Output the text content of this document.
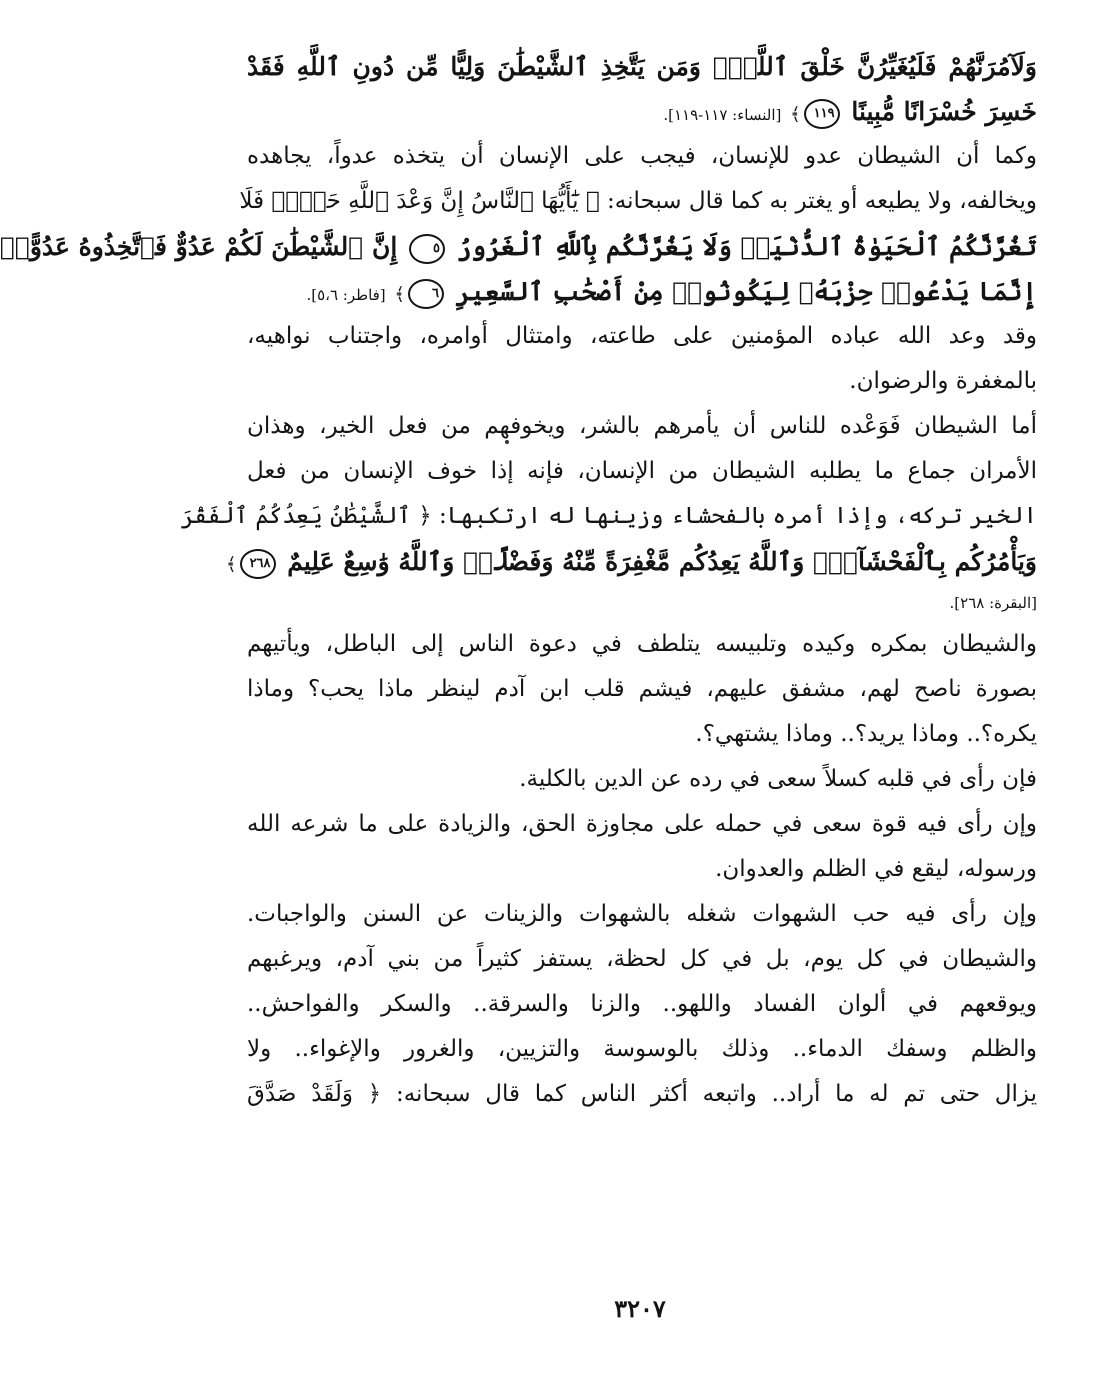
وَلَآمُرَنَّهُمْ فَلَيُغَيِّرُنَّ خَلْقَ ٱللَّهِۚ وَمَن يَتَّخِذِ ٱلشَّيْطَٰنَ وَلِيًّا مِّن دُونِ ٱللَّهِ فَقَدْ
خَسِرَ خُسْرَانًا مُّبِينًا ١١٩﴾ [النساء: ١١٧-١١٩].
وكما أن الشيطان عدو للإنسان، فيجب على الإنسان أن يتخذه عدواً، يجاهده
ويخالفه، ولا يطيعه أو يغتر به كما قال سبحانه: ﴿ يَٰٓأَيُّهَا ٱلنَّاسُ إِنَّ وَعْدَ ٱللَّهِ حَقٌّۖ فَلَا
تَغُرَّنَّكُمُ ٱلْحَيَوٰةُ ٱلدُّنْيَاۖ وَلَا يَغُرَّنَّكُم بِٱللَّهِ ٱلْغَرُورُ ٥ إِنَّ ٱلشَّيْطَٰنَ لَكُمْ عَدُوٌّ فَٱتَّخِذُوهُ عَدُوًّاۚ
إِنَّمَا يَدْعُوا۟ حِزْبَهُۥ لِيَكُونُوا۟ مِنْ أَصْحَٰبِ ٱلسَّعِيرِ ٦﴾ [فاطر: ٥،٦].
وقد وعد الله عباده المؤمنين على طاعته، وامتثال أوامره، واجتناب نواهيه،
بالمغفرة والرضوان.
أما الشيطان فَوَعْده للناس أن يأمرهم بالشر، ويخوفهم من فعل الخير، وهذان
الأمران جماع ما يطلبه الشيطان من الإنسان، فإنه إذا خوف الإنسان من فعل
الخير تركه، وإذا أمره بالفحشاء وزينها له ارتكبها: ﴿ ٱلشَّيْطَٰنُ يَعِدُكُمُ ٱلْفَقْرَ
وَيَأْمُرُكُم بِٱلْفَحْشَآءِۖ وَٱللَّهُ يَعِدُكُم مَّغْفِرَةً مِّنْهُ وَفَضْلًاۗ وَٱللَّهُ وَٰسِعٌ عَلِيمٌ ٢٦٨﴾
[البقرة: ٢٦٨].
والشيطان بمكره وكيده وتلبيسه يتلطف في دعوة الناس إلى الباطل، ويأتيهم
بصورة ناصح لهم، مشفق عليهم، فيشم قلب ابن آدم لينظر ماذا يحب؟ وماذا
يكره؟.. وماذا يريد؟.. وماذا يشتهي؟.
فإن رأى في قلبه كسلاً سعى في رده عن الدين بالكلية.
وإن رأى فيه قوة سعى في حمله على مجاوزة الحق، والزيادة على ما شرعه الله
ورسوله، ليقع في الظلم والعدوان.
وإن رأى فيه حب الشهوات شغله بالشهوات والزينات عن السنن والواجبات.
والشيطان في كل يوم، بل في كل لحظة، يستفز كثيراً من بني آدم، ويرغبهم
ويوقعهم في ألوان الفساد واللهو.. والزنا والسرقة.. والسكر والفواحش..
والظلم وسفك الدماء.. وذلك بالوسوسة والتزيين، والغرور والإغواء.. ولا
يزال حتى تم له ما أراد.. واتبعه أكثر الناس كما قال سبحانه: ﴿ وَلَقَدْ صَدَّقَ
٣٢٠٧
